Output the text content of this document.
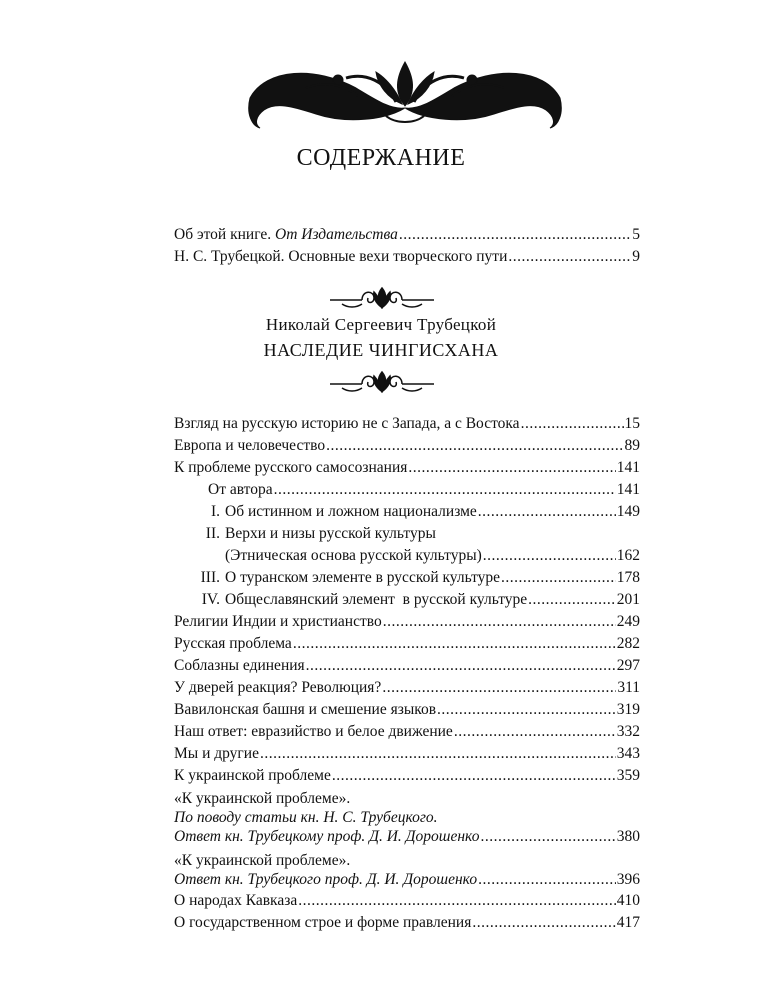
СОДЕРЖАНИЕ
Об этой книге. От Издательства .....	5
Н. С. Трубецкой. Основные вехи творческого пути .....	9
Николай Сергеевич Трубецкой
НАСЛЕДИЕ ЧИНГИСХАНА
Взгляд на русскую историю не с Запада, а с Востока .....	15
Европа и человечество .....	89
К проблеме русского самосознания .....	141
От автора .....	141
I. Об истинном и ложном национализме .....	149
II. Верхи и низы русской культуры
(Этническая основа русской культуры) .....	162
III. О туранском элементе в русской культуре .....	178
IV. Общеславянский элемент  в русской культуре .....	201
Религии Индии и христианство .....	249
Русская проблема .....	282
Соблазны единения .....	297
У дверей реакция? Революция? .....	311
Вавилонская башня и смешение языков .....	319
Наш ответ: евразийство и белое движение .....	332
Мы и другие .....	343
К украинской проблеме .....	359
«К украинской проблеме».
По поводу статьи кн. Н. С. Трубецкого.
Ответ кн. Трубецкому проф. Д. И. Дорошенко .....	380
«К украинской проблеме».
Ответ кн. Трубецкого проф. Д. И. Дорошенко .....	396
О народах Кавказа .....	410
О государственном строе и форме правления .....	417
